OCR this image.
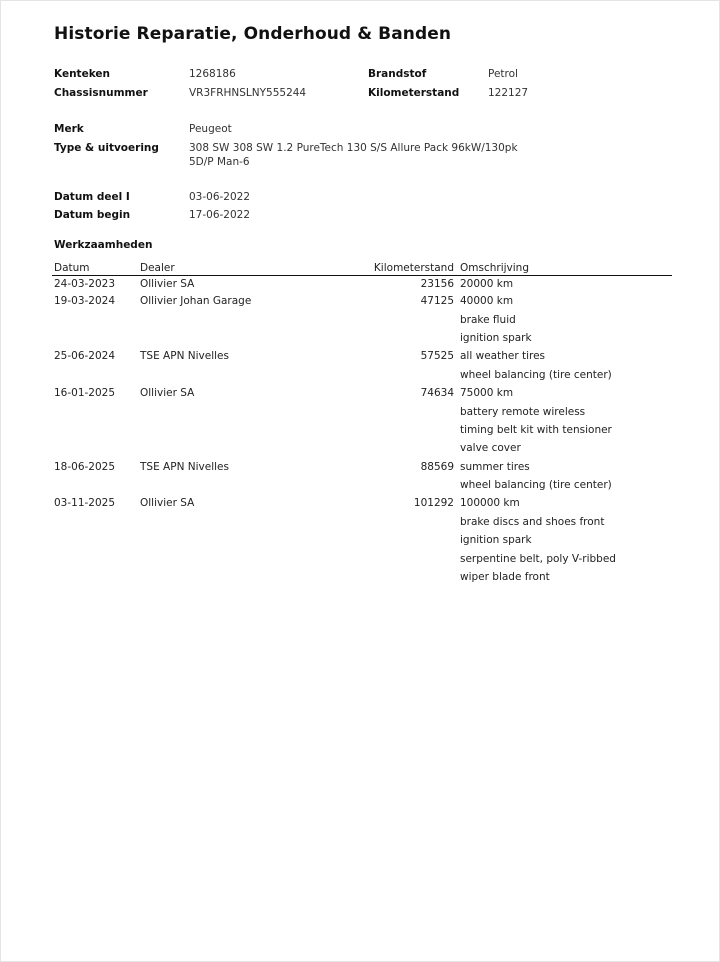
Historie Reparatie, Onderhoud & Banden
Kenteken	1268186	Brandstof	Petrol
Chassisnummer	VR3FRHNSLNY555244	Kilometerstand	122127
Merk	Peugeot
Type & uitvoering	308 SW 308 SW 1.2 PureTech 130 S/S Allure Pack 96kW/130pk
5D/P Man-6
Datum deel I	03-06-2022
Datum begin	17-06-2022
Werkzaamheden
Datum	Dealer	Kilometerstand	Omschrijving
24-03-2023	Ollivier SA	23156	20000 km
19-03-2024	Ollivier Johan Garage	47125	40000 km
			brake fluid
			ignition spark
25-06-2024	TSE APN Nivelles	57525	all weather tires
			wheel balancing (tire center)
16-01-2025	Ollivier SA	74634	75000 km
			battery remote wireless
			timing belt kit with tensioner
			valve cover
18-06-2025	TSE APN Nivelles	88569	summer tires
			wheel balancing (tire center)
03-11-2025	Ollivier SA	101292	100000 km
			brake discs and shoes front
			ignition spark
			serpentine belt, poly V-ribbed
			wiper blade front
